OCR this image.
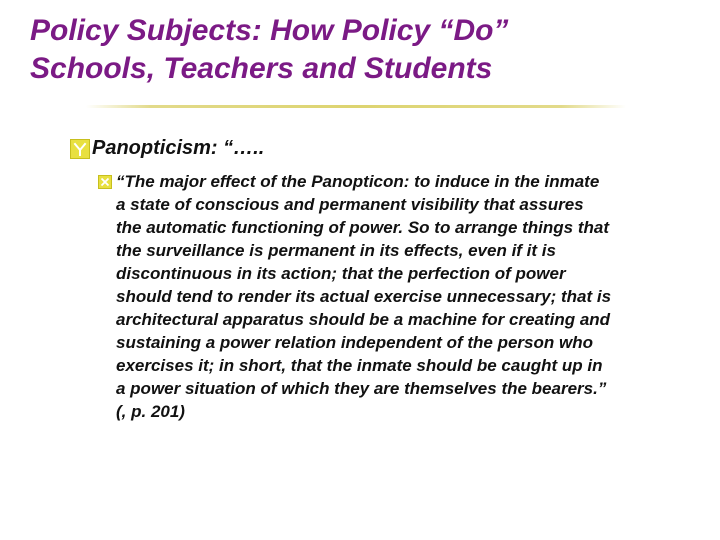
Policy Subjects: How Policy “Do”
Schools, Teachers and Students
Panopticism: “…..
“The major effect of the Panopticon: to induce in the inmate
a state of conscious and permanent visibility that assures
the automatic functioning of power. So to arrange things that
the surveillance is permanent in its effects, even if it is
discontinuous in its action; that the perfection of power
should tend to render its actual exercise unnecessary; that is
architectural apparatus should be a machine for creating and
sustaining a power relation independent of the person who
exercises it; in short, that the inmate should be caught up in
a power situation of which they are themselves the bearers.”
(, p. 201)
